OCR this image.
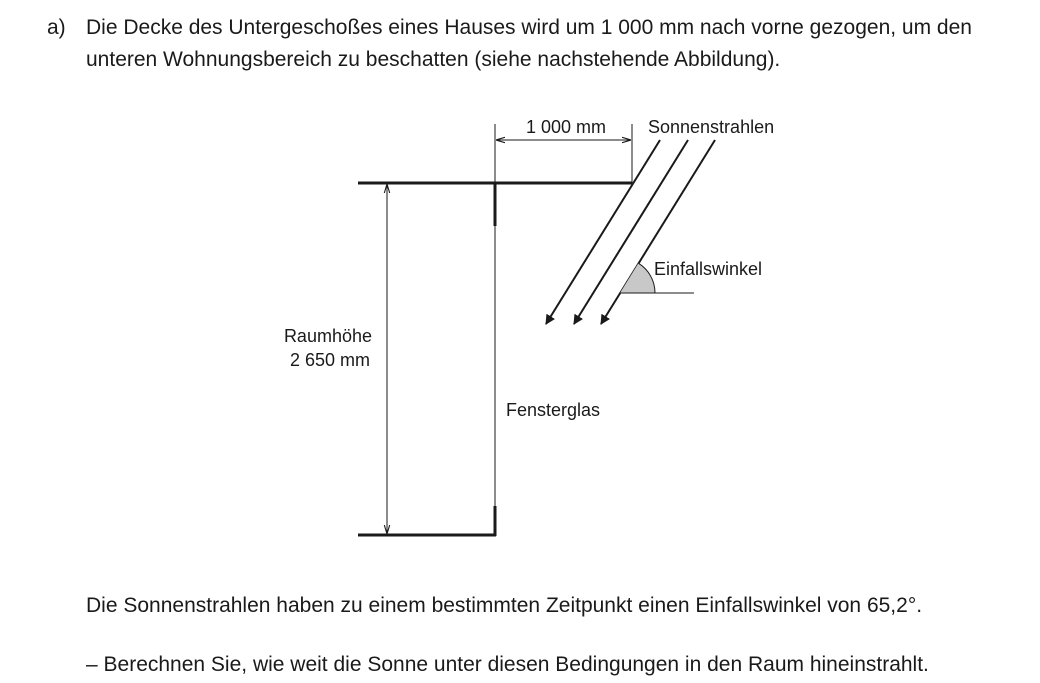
a) Die Decke des Untergeschoßes eines Hauses wird um 1 000 mm nach vorne gezogen, um den unteren Wohnungsbereich zu beschatten (siehe nachstehende Abbildung).

1 000 mm
Raumhöhe
2 650 mm
Fensterglas
Sonnenstrahlen
Einfallswinkel

Die Sonnenstrahlen haben zu einem bestimmten Zeitpunkt einen Einfallswinkel von 65,2°.

– Berechnen Sie, wie weit die Sonne unter diesen Bedingungen in den Raum hineinstrahlt.
